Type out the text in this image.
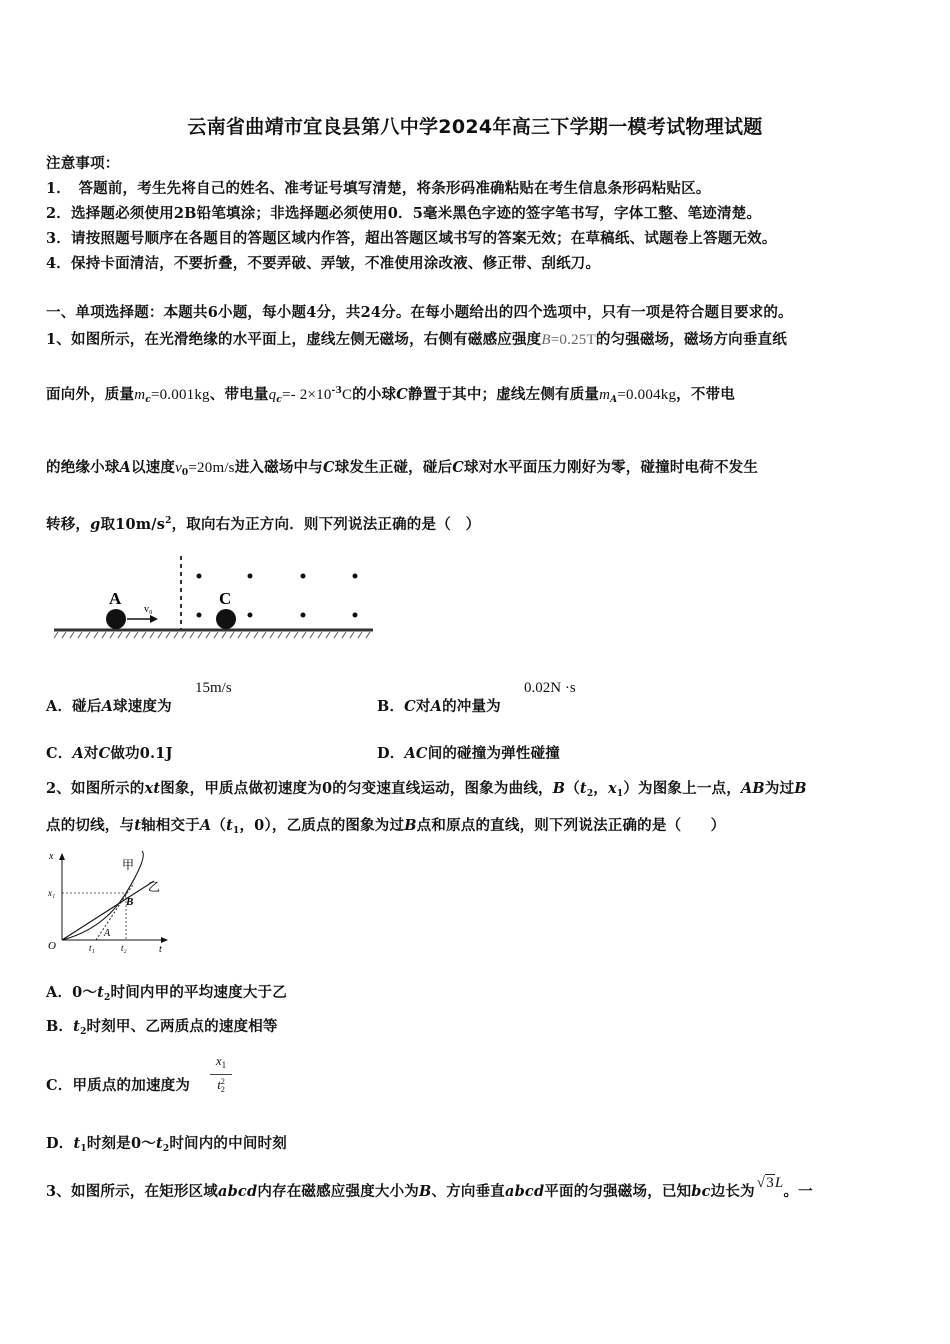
云南省曲靖市宜良县第八中学2024年高三下学期一模考试物理试题
注意事项：
1．　答题前，考生先将自己的姓名、准考证号填写清楚，将条形码准确粘贴在考生信息条形码粘贴区。
2．选择题必须使用2B铅笔填涂；非选择题必须使用0．5毫米黑色字迹的签字笔书写，字体工整、笔迹清楚。
3．请按照题号顺序在各题目的答题区域内作答，超出答题区域书写的答案无效；在草稿纸、试题卷上答题无效。
4．保持卡面清洁，不要折叠，不要弄破、弄皱，不准使用涂改液、修正带、刮纸刀。
一、单项选择题：本题共6小题，每小题4分，共24分。在每小题给出的四个选项中，只有一项是符合题目要求的。
1、如图所示，在光滑绝缘的水平面上，虚线左侧无磁场，右侧有磁感应强度B=0.25T的匀强磁场，磁场方向垂直纸
面向外，质量$m_c=0.001kg$、带电量$q_c=-$ $2\times 10^{-3}C$的小球C静置于其中；虚线左侧有质量$m_A=0.004kg$，不带电
的绝缘小球A以速度$v_0=20m/s$进入磁场中与C球发生正碰，碰后C球对水平面压力刚好为零，碰撞时电荷不发生
转移，g取$10m/s^2$，取向右为正方向．则下列说法正确的是（　）
A	C
v₀
A．碰后A球速度为
15m/s
B．C对A的冲量为
0.02N ·s
C．A对C做功0.1J	D．AC间的碰撞为弹性碰撞
2、如图所示的xt图象，甲质点做初速度为0的匀变速直线运动，图象为曲线，$B(t_2$，$x_1$）为图象上一点，AB为过B
点的切线，与t轴相交于$A(t_1$，0），乙质点的图象为过B点和原点的直线，则下列说法正确的是（　　）
x
甲
乙
x₁
B
O
A
t₁	t₂	t
A．$0\sim t_2$时间内甲的平均速度大于乙
B．$t_2$时刻甲、乙两质点的速度相等
C．甲质点的加速度为
$x_1$
t2
2
D．$t_1$时刻是$0\sim t_2$时间内的中间时刻
3、如图所示，在矩形区域abcd内存在磁感应强度大小为B、方向垂直abcd平面的匀强磁场，已知bc边长为 √3L。一
